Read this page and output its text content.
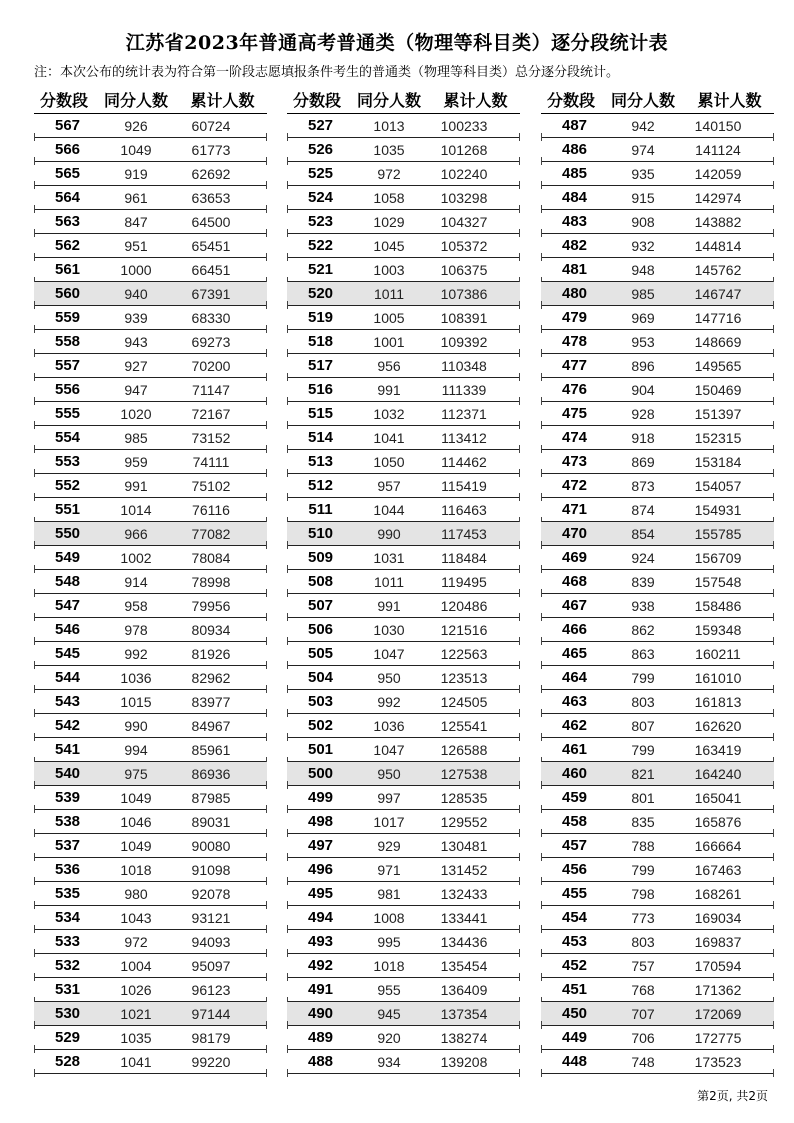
江苏省2023年普通高考普通类（物理等科目类）逐分段统计表
注：本次公布的统计表为符合第一阶段志愿填报条件考生的普通类（物理等科目类）总分逐分段统计。
分数段 同分人数	累计人数
567	926	60724
566	1049	61773
565	919	62692
564	961	63653
563	847	64500
562	951	65451
561	1000	66451
560	940	67391
559	939	68330
558	943	69273
557	927	70200
556	947	71147
555	1020	72167
554	985	73152
553	959	74111
552	991	75102
551	1014	76116
550	966	77082
549	1002	78084
548	914	78998
547	958	79956
546	978	80934
545	992	81926
544	1036	82962
543	1015	83977
542	990	84967
541	994	85961
540	975	86936
539	1049	87985
538	1046	89031
537	1049	90080
536	1018	91098
535	980	92078
534	1043	93121
533	972	94093
532	1004	95097
531	1026	96123
530	1021	97144
529	1035	98179
528	1041	99220
分数段 同分人数	累计人数
527	1013	100233
526	1035	101268
525	972	102240
524	1058	103298
523	1029	104327
522	1045	105372
521	1003	106375
520	1011	107386
519	1005	108391
518	1001	109392
517	956	110348
516	991	111339
515	1032	112371
514	1041	113412
513	1050	114462
512	957	115419
511	1044	116463
510	990	117453
509	1031	118484
508	1011	119495
507	991	120486
506	1030	121516
505	1047	122563
504	950	123513
503	992	124505
502	1036	125541
501	1047	126588
500	950	127538
499	997	128535
498	1017	129552
497	929	130481
496	971	131452
495	981	132433
494	1008	133441
493	995	134436
492	1018	135454
491	955	136409
490	945	137354
489	920	138274
488	934	139208
分数段 同分人数	累计人数
487	942	140150
486	974	141124
485	935	142059
484	915	142974
483	908	143882
482	932	144814
481	948	145762
480	985	146747
479	969	147716
478	953	148669
477	896	149565
476	904	150469
475	928	151397
474	918	152315
473	869	153184
472	873	154057
471	874	154931
470	854	155785
469	924	156709
468	839	157548
467	938	158486
466	862	159348
465	863	160211
464	799	161010
463	803	161813
462	807	162620
461	799	163419
460	821	164240
459	801	165041
458	835	165876
457	788	166664
456	799	167463
455	798	168261
454	773	169034
453	803	169837
452	757	170594
451	768	171362
450	707	172069
449	706	172775
448	748	173523
第2页, 共2页
